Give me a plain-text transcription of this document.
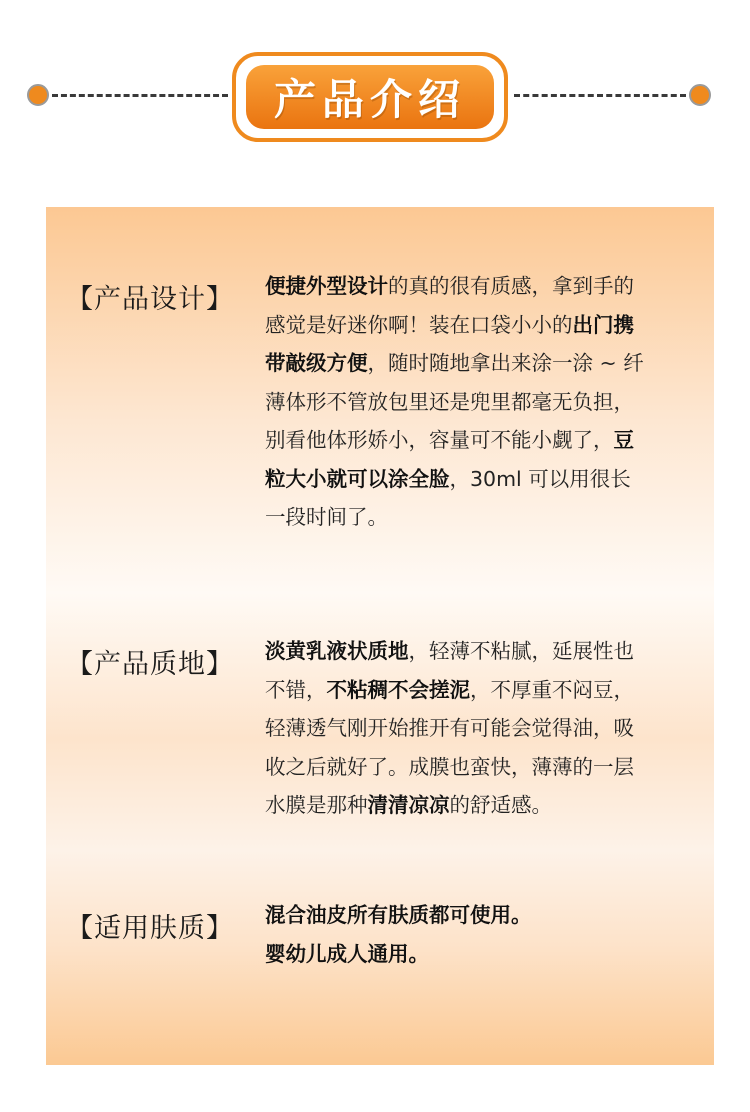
产品介绍
【产品设计】 便捷外型设计的真的很有质感，拿到手的
感觉是好迷你啊！装在口袋小小的出门携
带敲级方便，随时随地拿出来涂一涂 ~ 纤
薄体形不管放包里还是兜里都毫无负担，
别看他体形娇小，容量可不能小觑了，豆
粒大小就可以涂全脸，30ml 可以用很长
一段时间了。
【产品质地】 淡黄乳液状质地，轻薄不粘腻，延展性也
不错，不粘稠不会搓泥，不厚重不闷豆，
轻薄透气刚开始推开有可能会觉得油，吸
收之后就好了。成膜也蛮快，薄薄的一层
水膜是那种清清凉凉的舒适感。
【适用肤质】 混合油皮所有肤质都可使用。
婴幼儿成人通用。
